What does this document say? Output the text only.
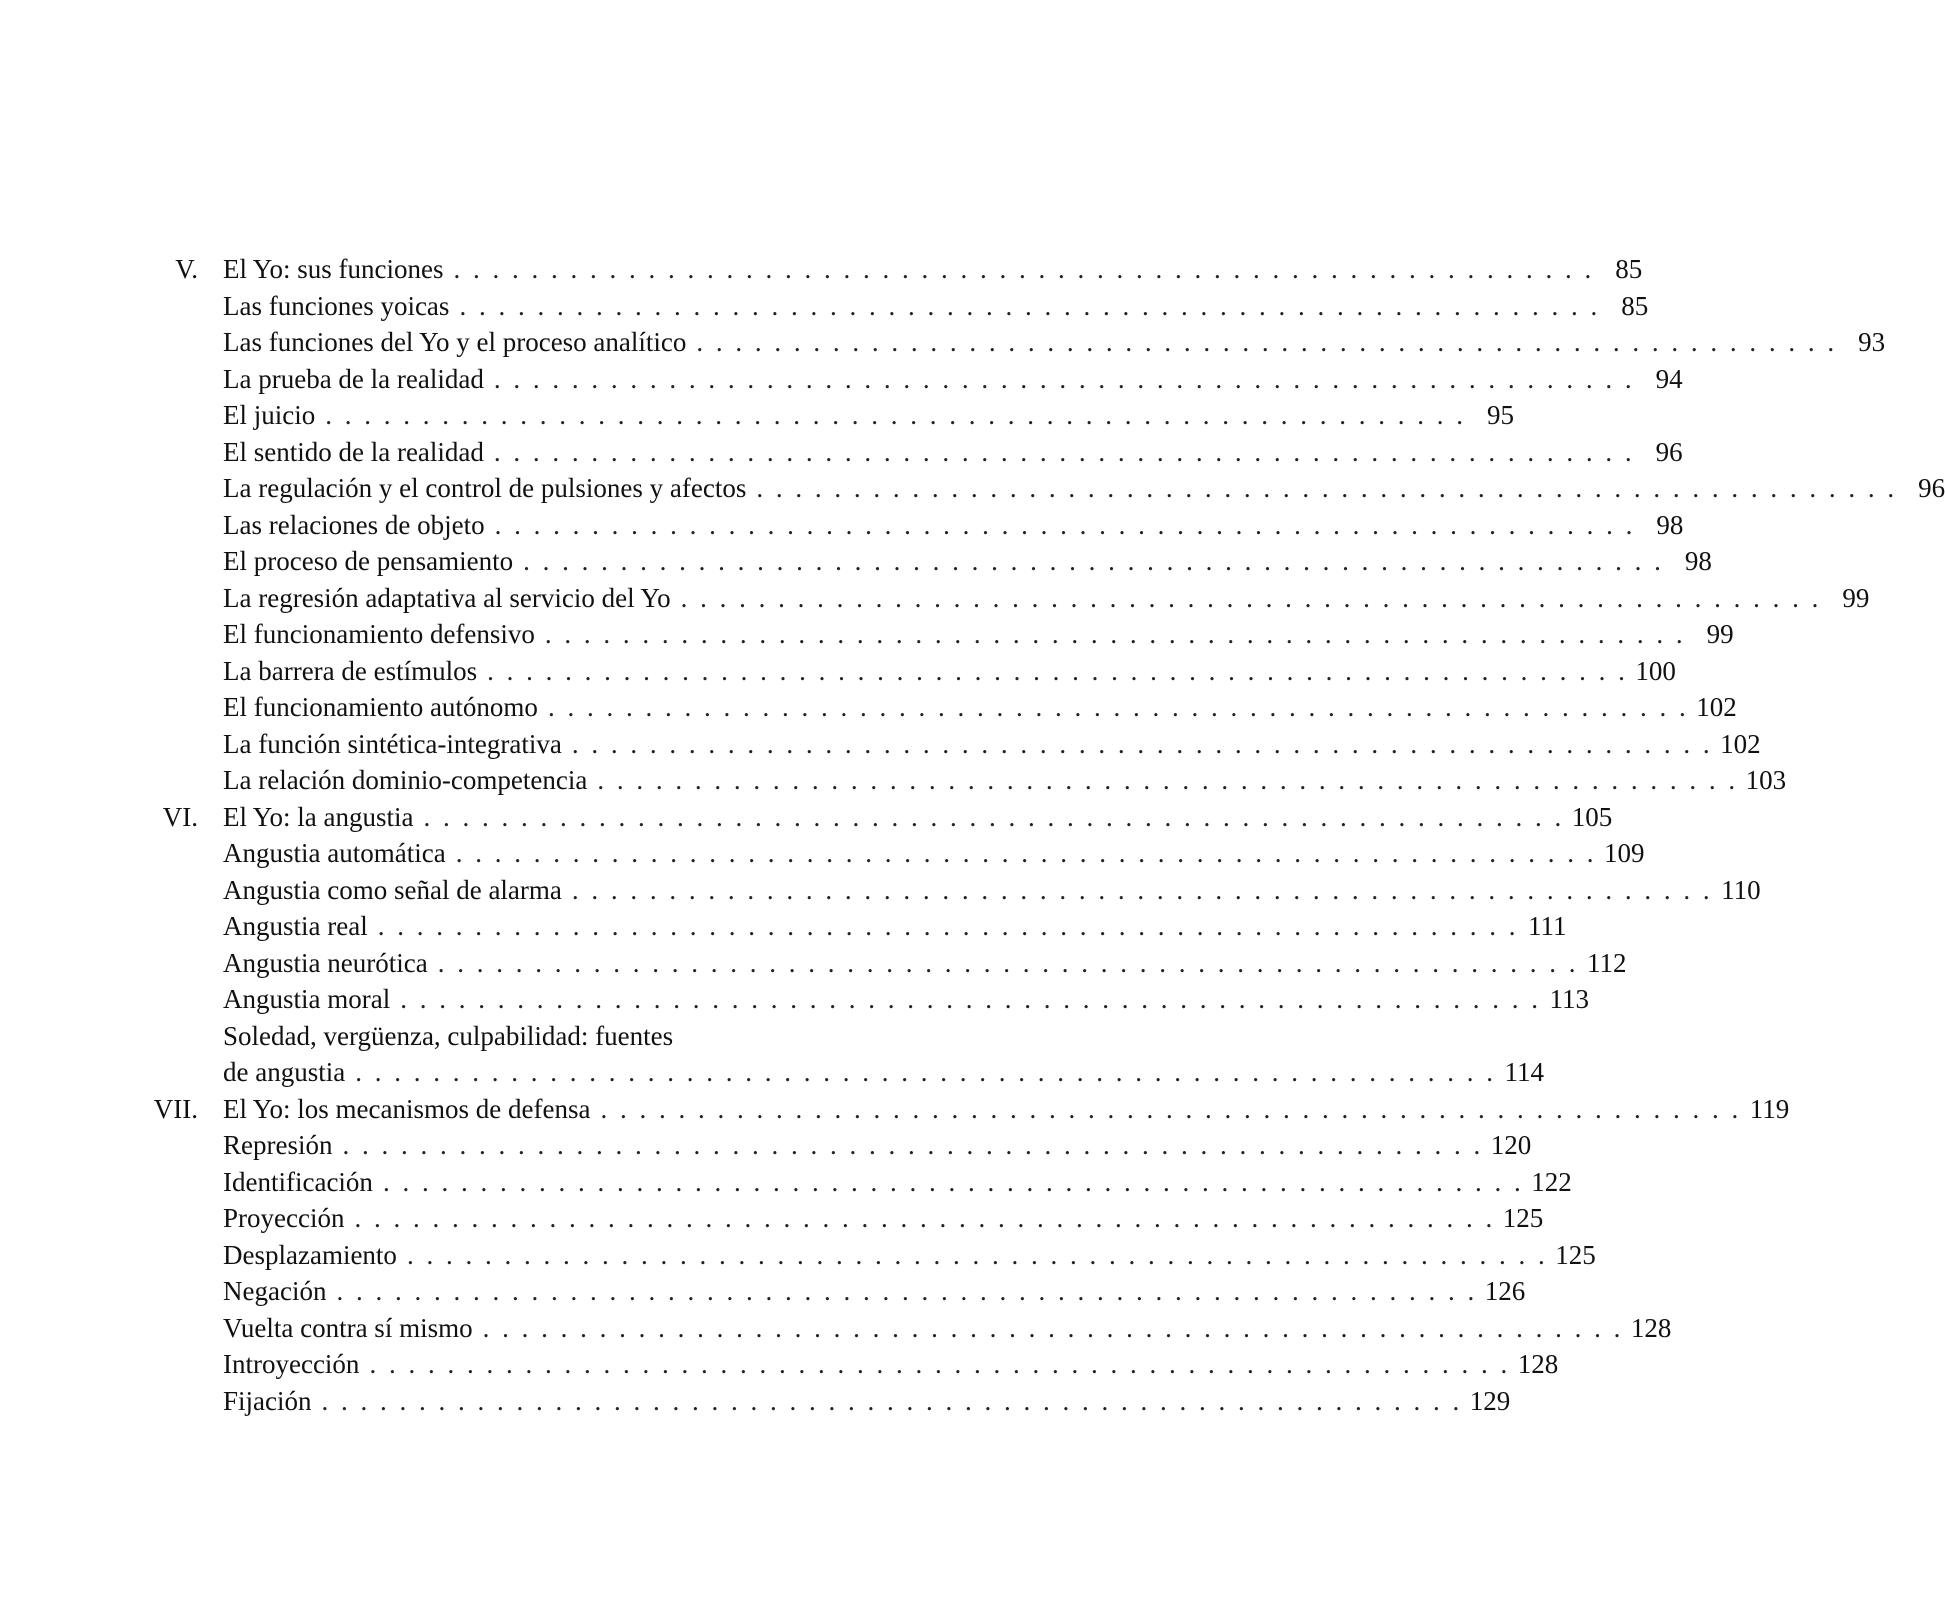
V. El Yo: sus funciones . . . . . . . . . . . . . . . . . . . . . . . . . . . . . . . . . . . . . . . . . . . . . . . . . . . . . . . . . . . 85
Las funciones yoicas . . . . . . . . . . . . . . . . . . . . . . . . . . . . . . . . . . . . . . . . . . . . . . . . . . . . . . . . . . . 85
Las funciones del Yo y el proceso analítico . . . . . . . . . . . . . . . . . . . . . . . . . . . . . . . . . . . . . . . . . . . . . . . . . . . . . . . . . . . 93
La prueba de la realidad . . . . . . . . . . . . . . . . . . . . . . . . . . . . . . . . . . . . . . . . . . . . . . . . . . . . . . . . . . . 94
El juicio . . . . . . . . . . . . . . . . . . . . . . . . . . . . . . . . . . . . . . . . . . . . . . . . . . . . . . . . . . . 95
El sentido de la realidad . . . . . . . . . . . . . . . . . . . . . . . . . . . . . . . . . . . . . . . . . . . . . . . . . . . . . . . . . . . 96
La regulación y el control de pulsiones y afectos . . . . . . . . . . . . . . . . . . . . . . . . . . . . . . . . . . . . . . . . . . . . . . . . . . . . . . . . . . . 96
Las relaciones de objeto . . . . . . . . . . . . . . . . . . . . . . . . . . . . . . . . . . . . . . . . . . . . . . . . . . . . . . . . . . . 98
El proceso de pensamiento . . . . . . . . . . . . . . . . . . . . . . . . . . . . . . . . . . . . . . . . . . . . . . . . . . . . . . . . . . . 98
La regresión adaptativa al servicio del Yo . . . . . . . . . . . . . . . . . . . . . . . . . . . . . . . . . . . . . . . . . . . . . . . . . . . . . . . . . . . 99
El funcionamiento defensivo . . . . . . . . . . . . . . . . . . . . . . . . . . . . . . . . . . . . . . . . . . . . . . . . . . . . . . . . . . . 99
La barrera de estímulos . . . . . . . . . . . . . . . . . . . . . . . . . . . . . . . . . . . . . . . . . . . . . . . . . . . . . . . . . . . 100
El funcionamiento autónomo . . . . . . . . . . . . . . . . . . . . . . . . . . . . . . . . . . . . . . . . . . . . . . . . . . . . . . . . . . . 102
La función sintética-integrativa . . . . . . . . . . . . . . . . . . . . . . . . . . . . . . . . . . . . . . . . . . . . . . . . . . . . . . . . . . . 102
La relación dominio-competencia . . . . . . . . . . . . . . . . . . . . . . . . . . . . . . . . . . . . . . . . . . . . . . . . . . . . . . . . . . . 103
VI. El Yo: la angustia . . . . . . . . . . . . . . . . . . . . . . . . . . . . . . . . . . . . . . . . . . . . . . . . . . . . . . . . . . . 105
Angustia automática . . . . . . . . . . . . . . . . . . . . . . . . . . . . . . . . . . . . . . . . . . . . . . . . . . . . . . . . . . . 109
Angustia como señal de alarma . . . . . . . . . . . . . . . . . . . . . . . . . . . . . . . . . . . . . . . . . . . . . . . . . . . . . . . . . . . 110
Angustia real . . . . . . . . . . . . . . . . . . . . . . . . . . . . . . . . . . . . . . . . . . . . . . . . . . . . . . . . . . . 111
Angustia neurótica . . . . . . . . . . . . . . . . . . . . . . . . . . . . . . . . . . . . . . . . . . . . . . . . . . . . . . . . . . . 112
Angustia moral . . . . . . . . . . . . . . . . . . . . . . . . . . . . . . . . . . . . . . . . . . . . . . . . . . . . . . . . . . . 113
Soledad, vergüenza, culpabilidad: fuentes
de angustia . . . . . . . . . . . . . . . . . . . . . . . . . . . . . . . . . . . . . . . . . . . . . . . . . . . . . . . . . . . 114
VII. El Yo: los mecanismos de defensa . . . . . . . . . . . . . . . . . . . . . . . . . . . . . . . . . . . . . . . . . . . . . . . . . . . . . . . . . . . 119
Represión . . . . . . . . . . . . . . . . . . . . . . . . . . . . . . . . . . . . . . . . . . . . . . . . . . . . . . . . . . . 120
Identificación . . . . . . . . . . . . . . . . . . . . . . . . . . . . . . . . . . . . . . . . . . . . . . . . . . . . . . . . . . . 122
Proyección . . . . . . . . . . . . . . . . . . . . . . . . . . . . . . . . . . . . . . . . . . . . . . . . . . . . . . . . . . . 125
Desplazamiento . . . . . . . . . . . . . . . . . . . . . . . . . . . . . . . . . . . . . . . . . . . . . . . . . . . . . . . . . . . 125
Negación . . . . . . . . . . . . . . . . . . . . . . . . . . . . . . . . . . . . . . . . . . . . . . . . . . . . . . . . . . . 126
Vuelta contra sí mismo . . . . . . . . . . . . . . . . . . . . . . . . . . . . . . . . . . . . . . . . . . . . . . . . . . . . . . . . . . . 128
Introyección . . . . . . . . . . . . . . . . . . . . . . . . . . . . . . . . . . . . . . . . . . . . . . . . . . . . . . . . . . . 128
Fijación . . . . . . . . . . . . . . . . . . . . . . . . . . . . . . . . . . . . . . . . . . . . . . . . . . . . . . . . . . . 129
